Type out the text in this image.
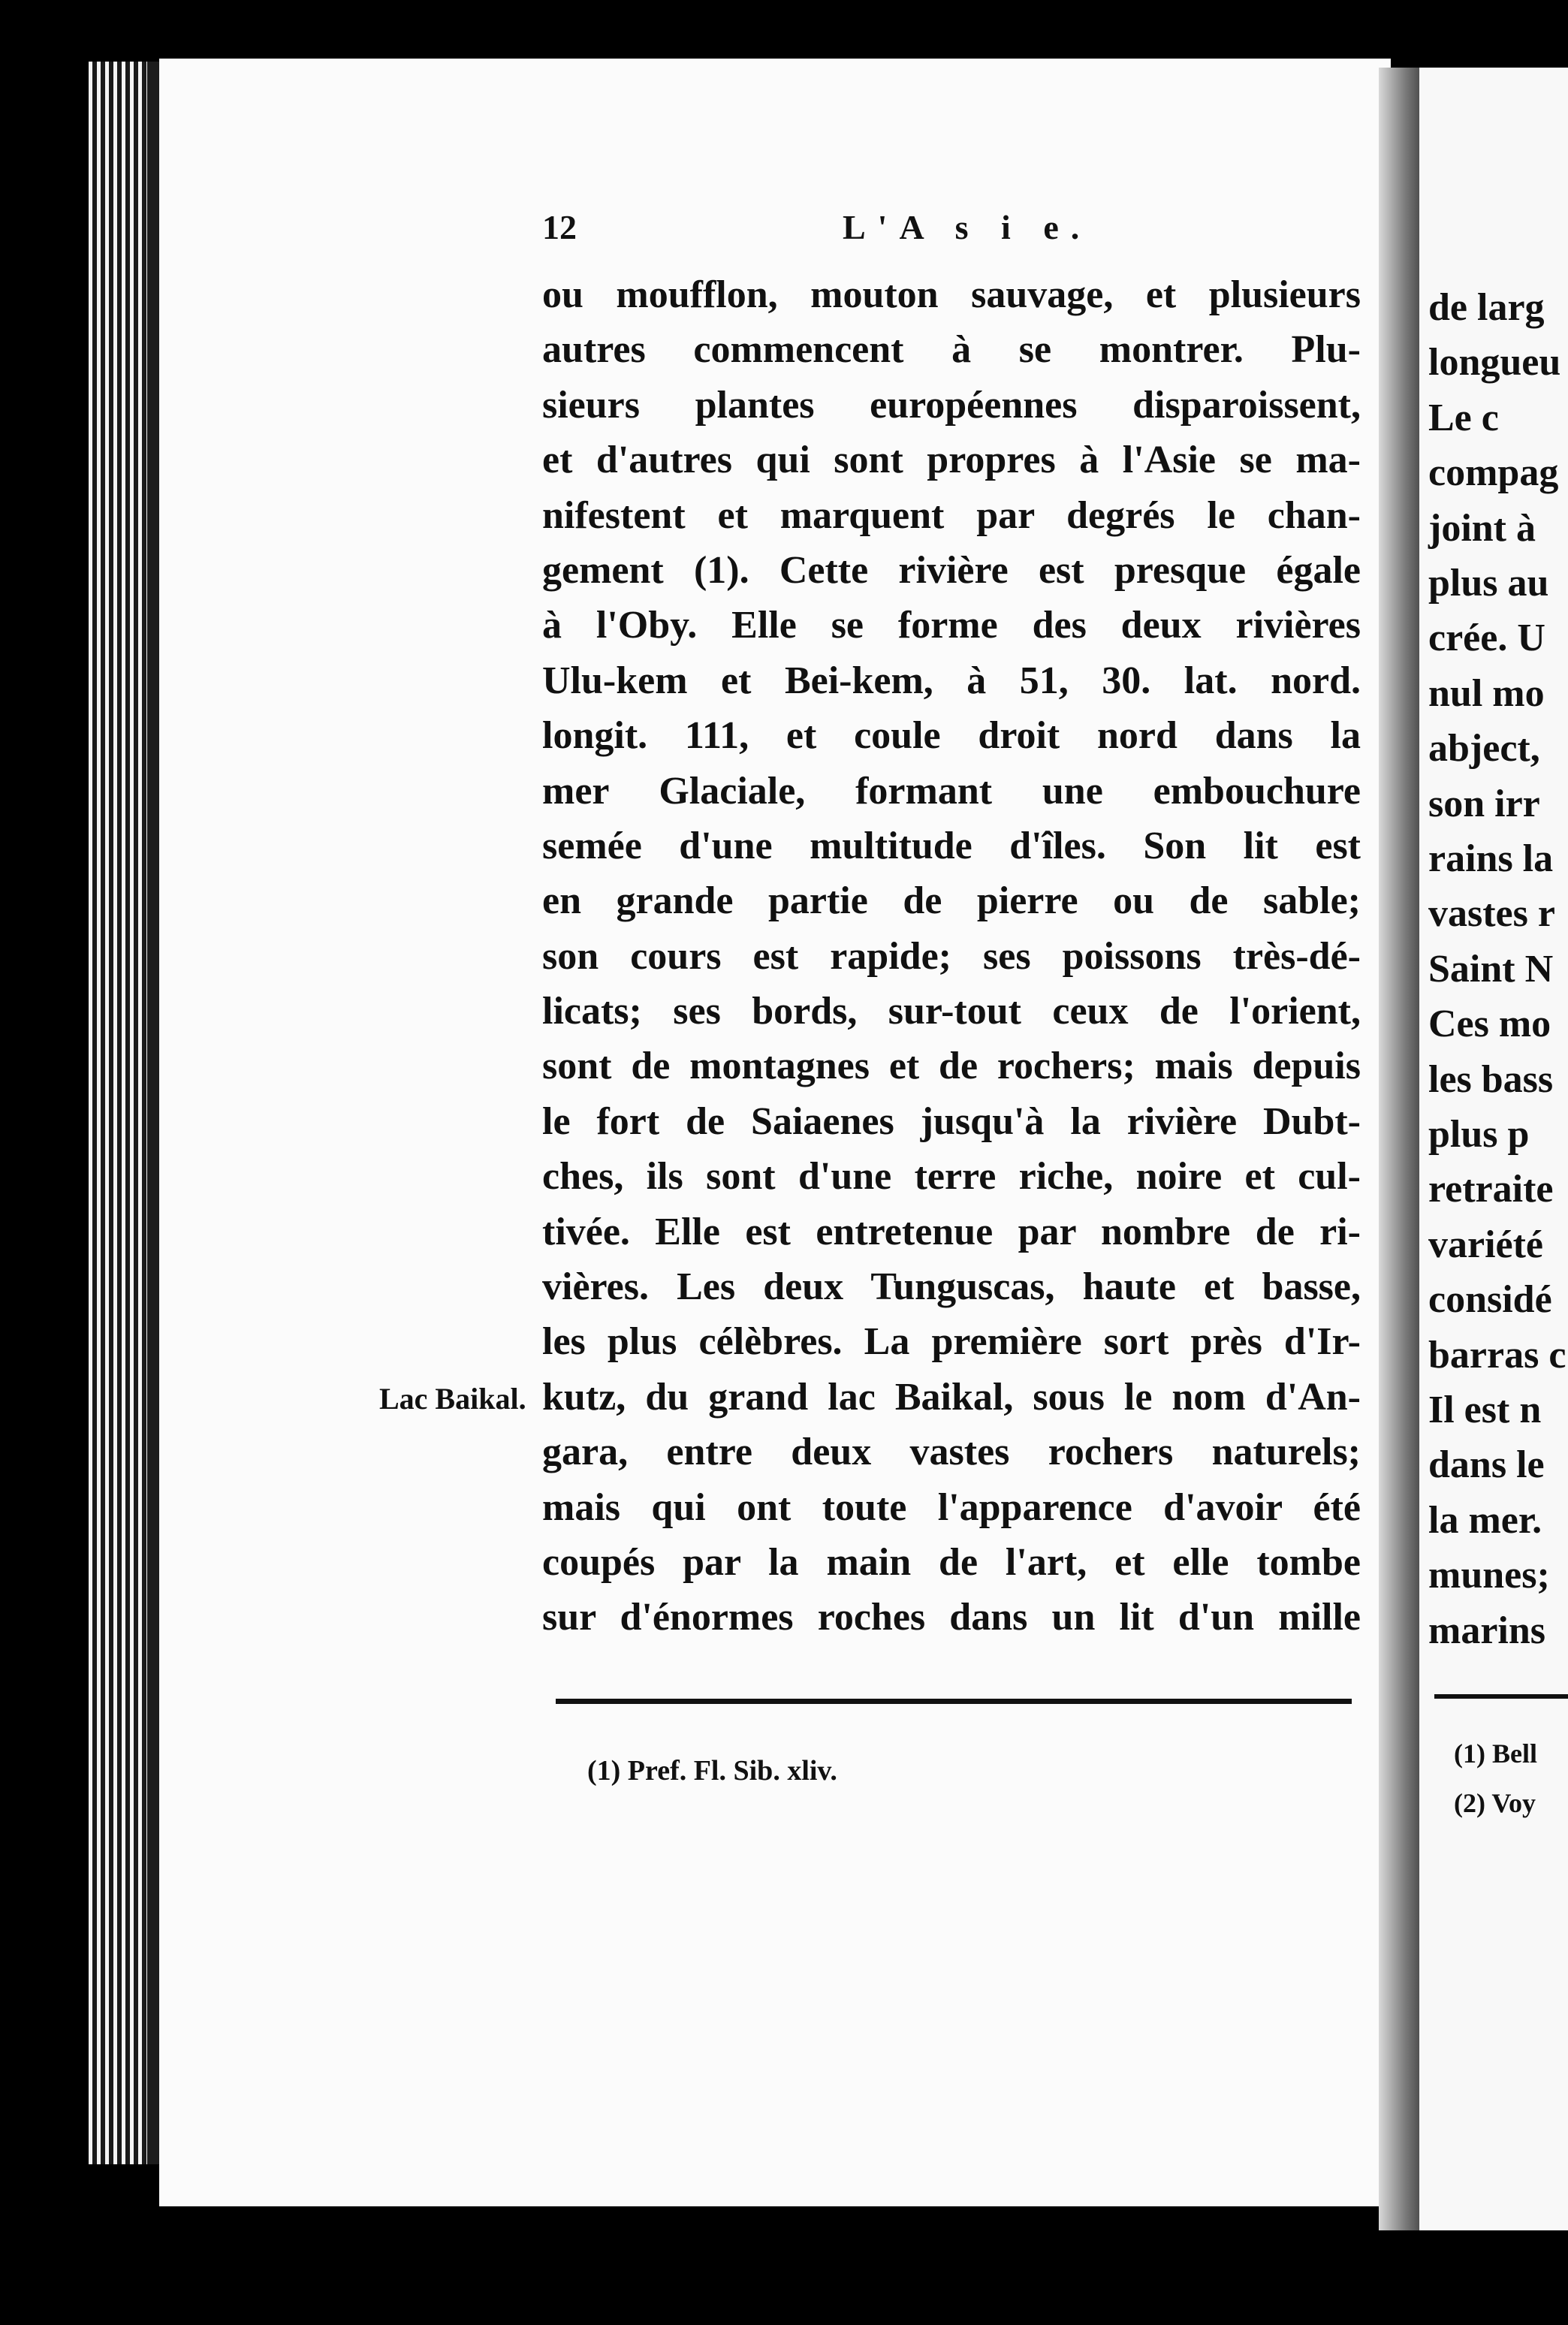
12	L'A s i e.
ou moufflon, mouton sauvage, et plusieurs
autres commencent à se montrer. Plu-
sieurs plantes européennes disparoissent,
et d'autres qui sont propres à l'Asie se ma-
nifestent et marquent par degrés le chan-
gement (1). Cette rivière est presque égale
à l'Oby. Elle se forme des deux rivières
Ulu-kem et Bei-kem, à 51, 30. lat. nord.
longit. 111, et coule droit nord dans la
mer Glaciale, formant une embouchure
semée d'une multitude d'îles. Son lit est
en grande partie de pierre ou de sable;
son cours est rapide; ses poissons très-dé-
licats; ses bords, sur-tout ceux de l'orient,
sont de montagnes et de rochers; mais depuis
le fort de Saiaenes jusqu'à la rivière Dubt-
ches, ils sont d'une terre riche, noire et cul-
tivée. Elle est entretenue par nombre de ri-
vières. Les deux Tunguscas, haute et basse,
les plus célèbres. La première sort près d'Ir-
kutz, du grand lac Baikal, sous le nom d'An-
gara, entre deux vastes rochers naturels;
mais qui ont toute l'apparence d'avoir été
coupés par la main de l'art, et elle tombe
sur d'énormes roches dans un lit d'un mille
Lac Baikal.
(1) Pref. Fl. Sib. xliv.
de larg
longueu
Le c
compag
joint à
plus au
crée. U
nul mo
abject,
son irr
rains la
vastes r
Saint N
Ces mo
les bass
plus p
retraite
variété
considé
barras c
Il est n
dans le
la mer.
munes;
marins
(1) Bell
(2) Voy
